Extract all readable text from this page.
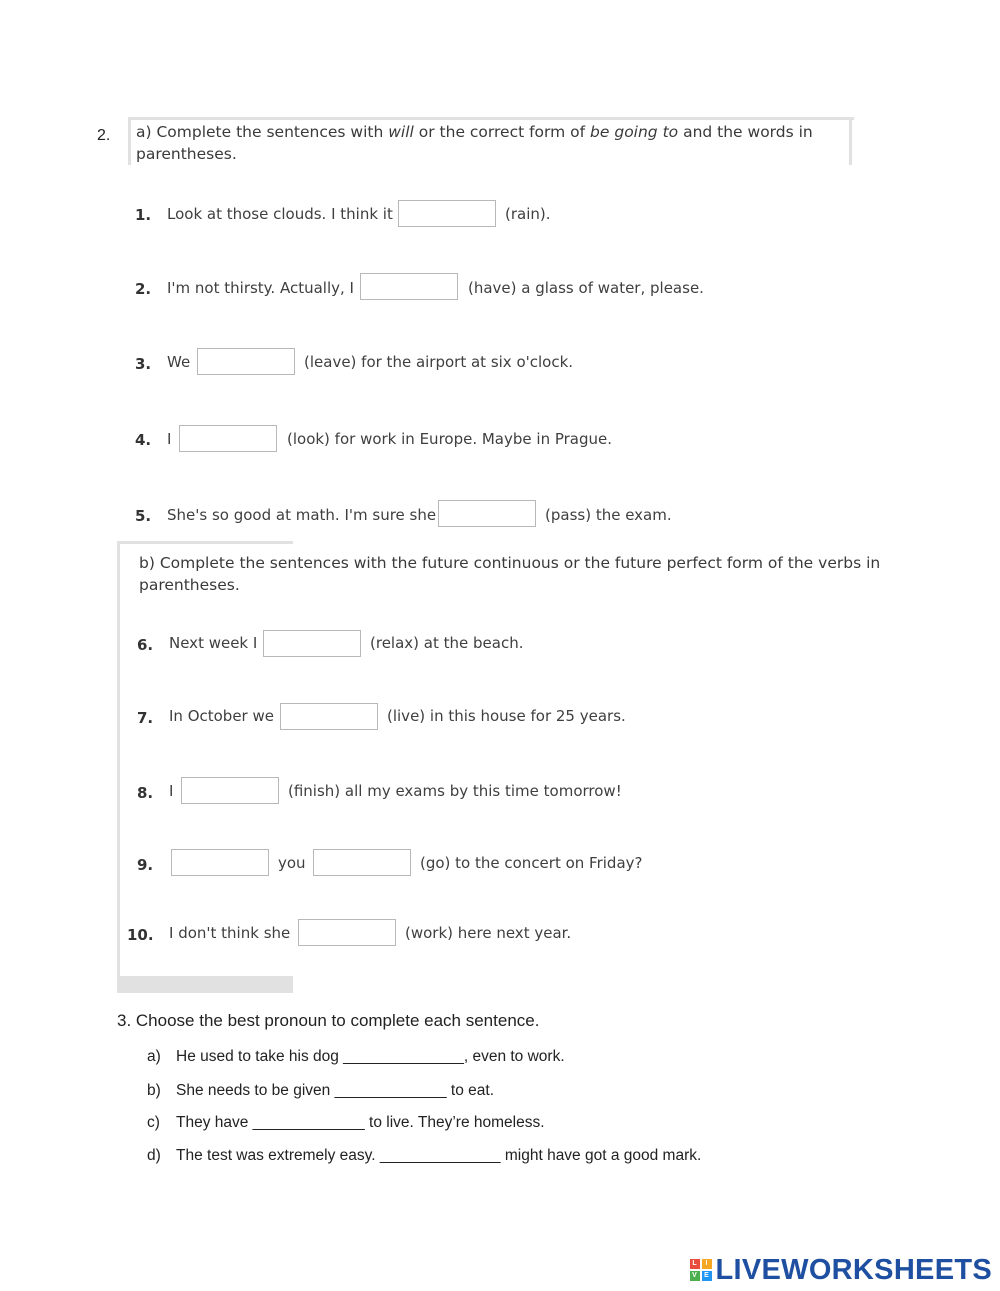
2. a) Complete the sentences with will or the correct form of be going to and the words in
parentheses.
1. Look at those clouds. I think it	(rain).
2. I'm not thirsty. Actually, I	(have) a glass of water, please.
3. We	(leave) for the airport at six o'clock.
4. I	(look) for work in Europe. Maybe in Prague.
5. She's so good at math. I'm sure she	(pass) the exam.
b) Complete the sentences with the future continuous or the future perfect form of the verbs in
parentheses.
6. Next week I	(relax) at the beach.
7. In October we	(live) in this house for 25 years.
8. I	(finish) all my exams by this time tomorrow!
9.	you	(go) to the concert on Friday?
10. I don't think she	(work) here next year.
3. Choose the best pronoun to complete each sentence.
a) He used to take his dog ______________, even to work.
b) She needs to be given _____________ to eat.
c) They have _____________ to live. They’re homeless.
d) The test was extremely easy. ______________ might have got a good mark.
L	I
V	E LIVEWORKSHEETS
